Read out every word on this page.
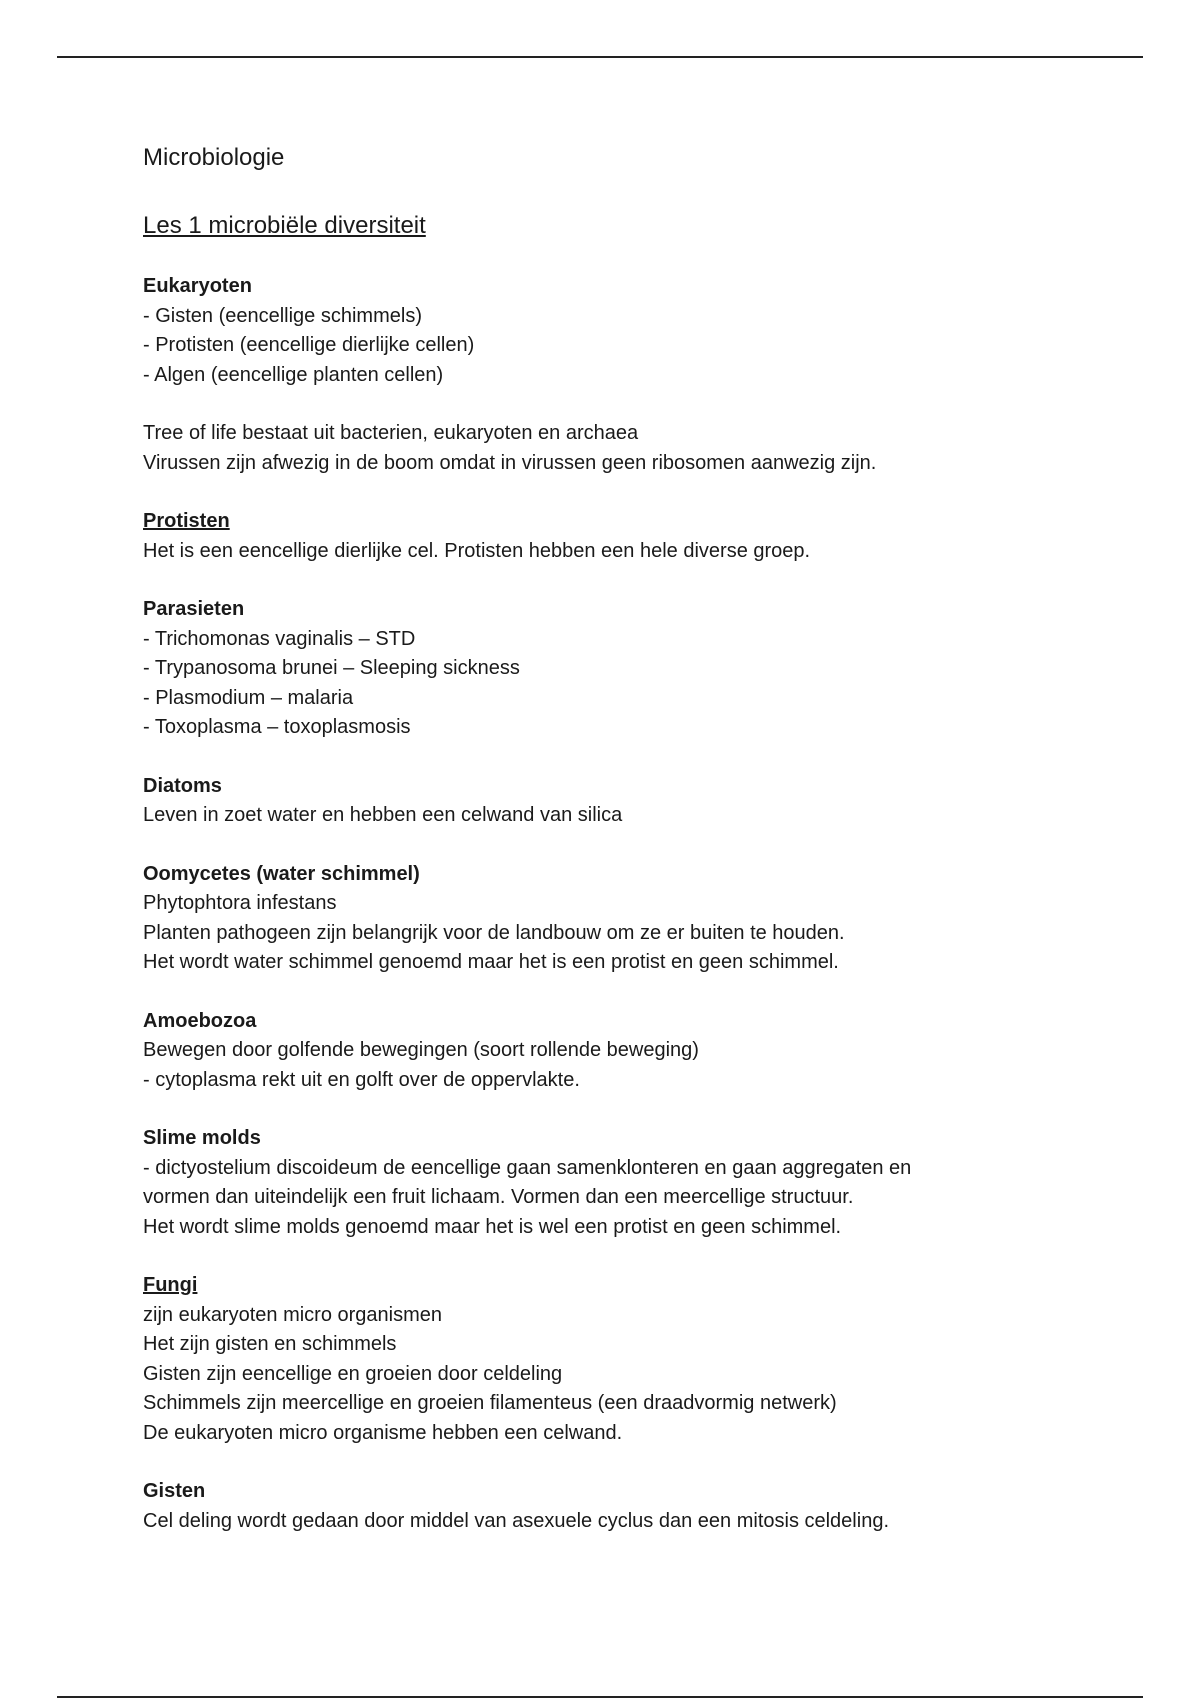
Microbiologie
Les 1 microbiële diversiteit
Eukaryoten
- Gisten (eencellige schimmels)
- Protisten (eencellige dierlijke cellen)
- Algen (eencellige planten cellen)
Tree of life bestaat uit bacterien, eukaryoten en archaea
Virussen zijn afwezig in de boom omdat in virussen geen ribosomen aanwezig zijn.
Protisten
Het is een eencellige dierlijke cel. Protisten hebben een hele diverse groep.
Parasieten
- Trichomonas vaginalis – STD
- Trypanosoma brunei – Sleeping sickness
- Plasmodium – malaria
- Toxoplasma – toxoplasmosis
Diatoms
Leven in zoet water en hebben een celwand van silica
Oomycetes (water schimmel)
Phytophtora infestans
Planten pathogeen zijn belangrijk voor de landbouw om ze er buiten te houden.
Het wordt water schimmel genoemd maar het is een protist en geen schimmel.
Amoebozoa
Bewegen door golfende bewegingen (soort rollende beweging)
- cytoplasma rekt uit en golft over de oppervlakte.
Slime molds
- dictyostelium discoideum de eencellige gaan samenklonteren en gaan aggregaten en
vormen dan uiteindelijk een fruit lichaam. Vormen dan een meercellige structuur.
Het wordt slime molds genoemd maar het is wel een protist en geen schimmel.
Fungi
zijn eukaryoten micro organismen
Het zijn gisten en schimmels
Gisten zijn eencellige en groeien door celdeling
Schimmels zijn meercellige en groeien filamenteus (een draadvormig netwerk)
De eukaryoten micro organisme hebben een celwand.
Gisten
Cel deling wordt gedaan door middel van asexuele cyclus dan een mitosis celdeling.
